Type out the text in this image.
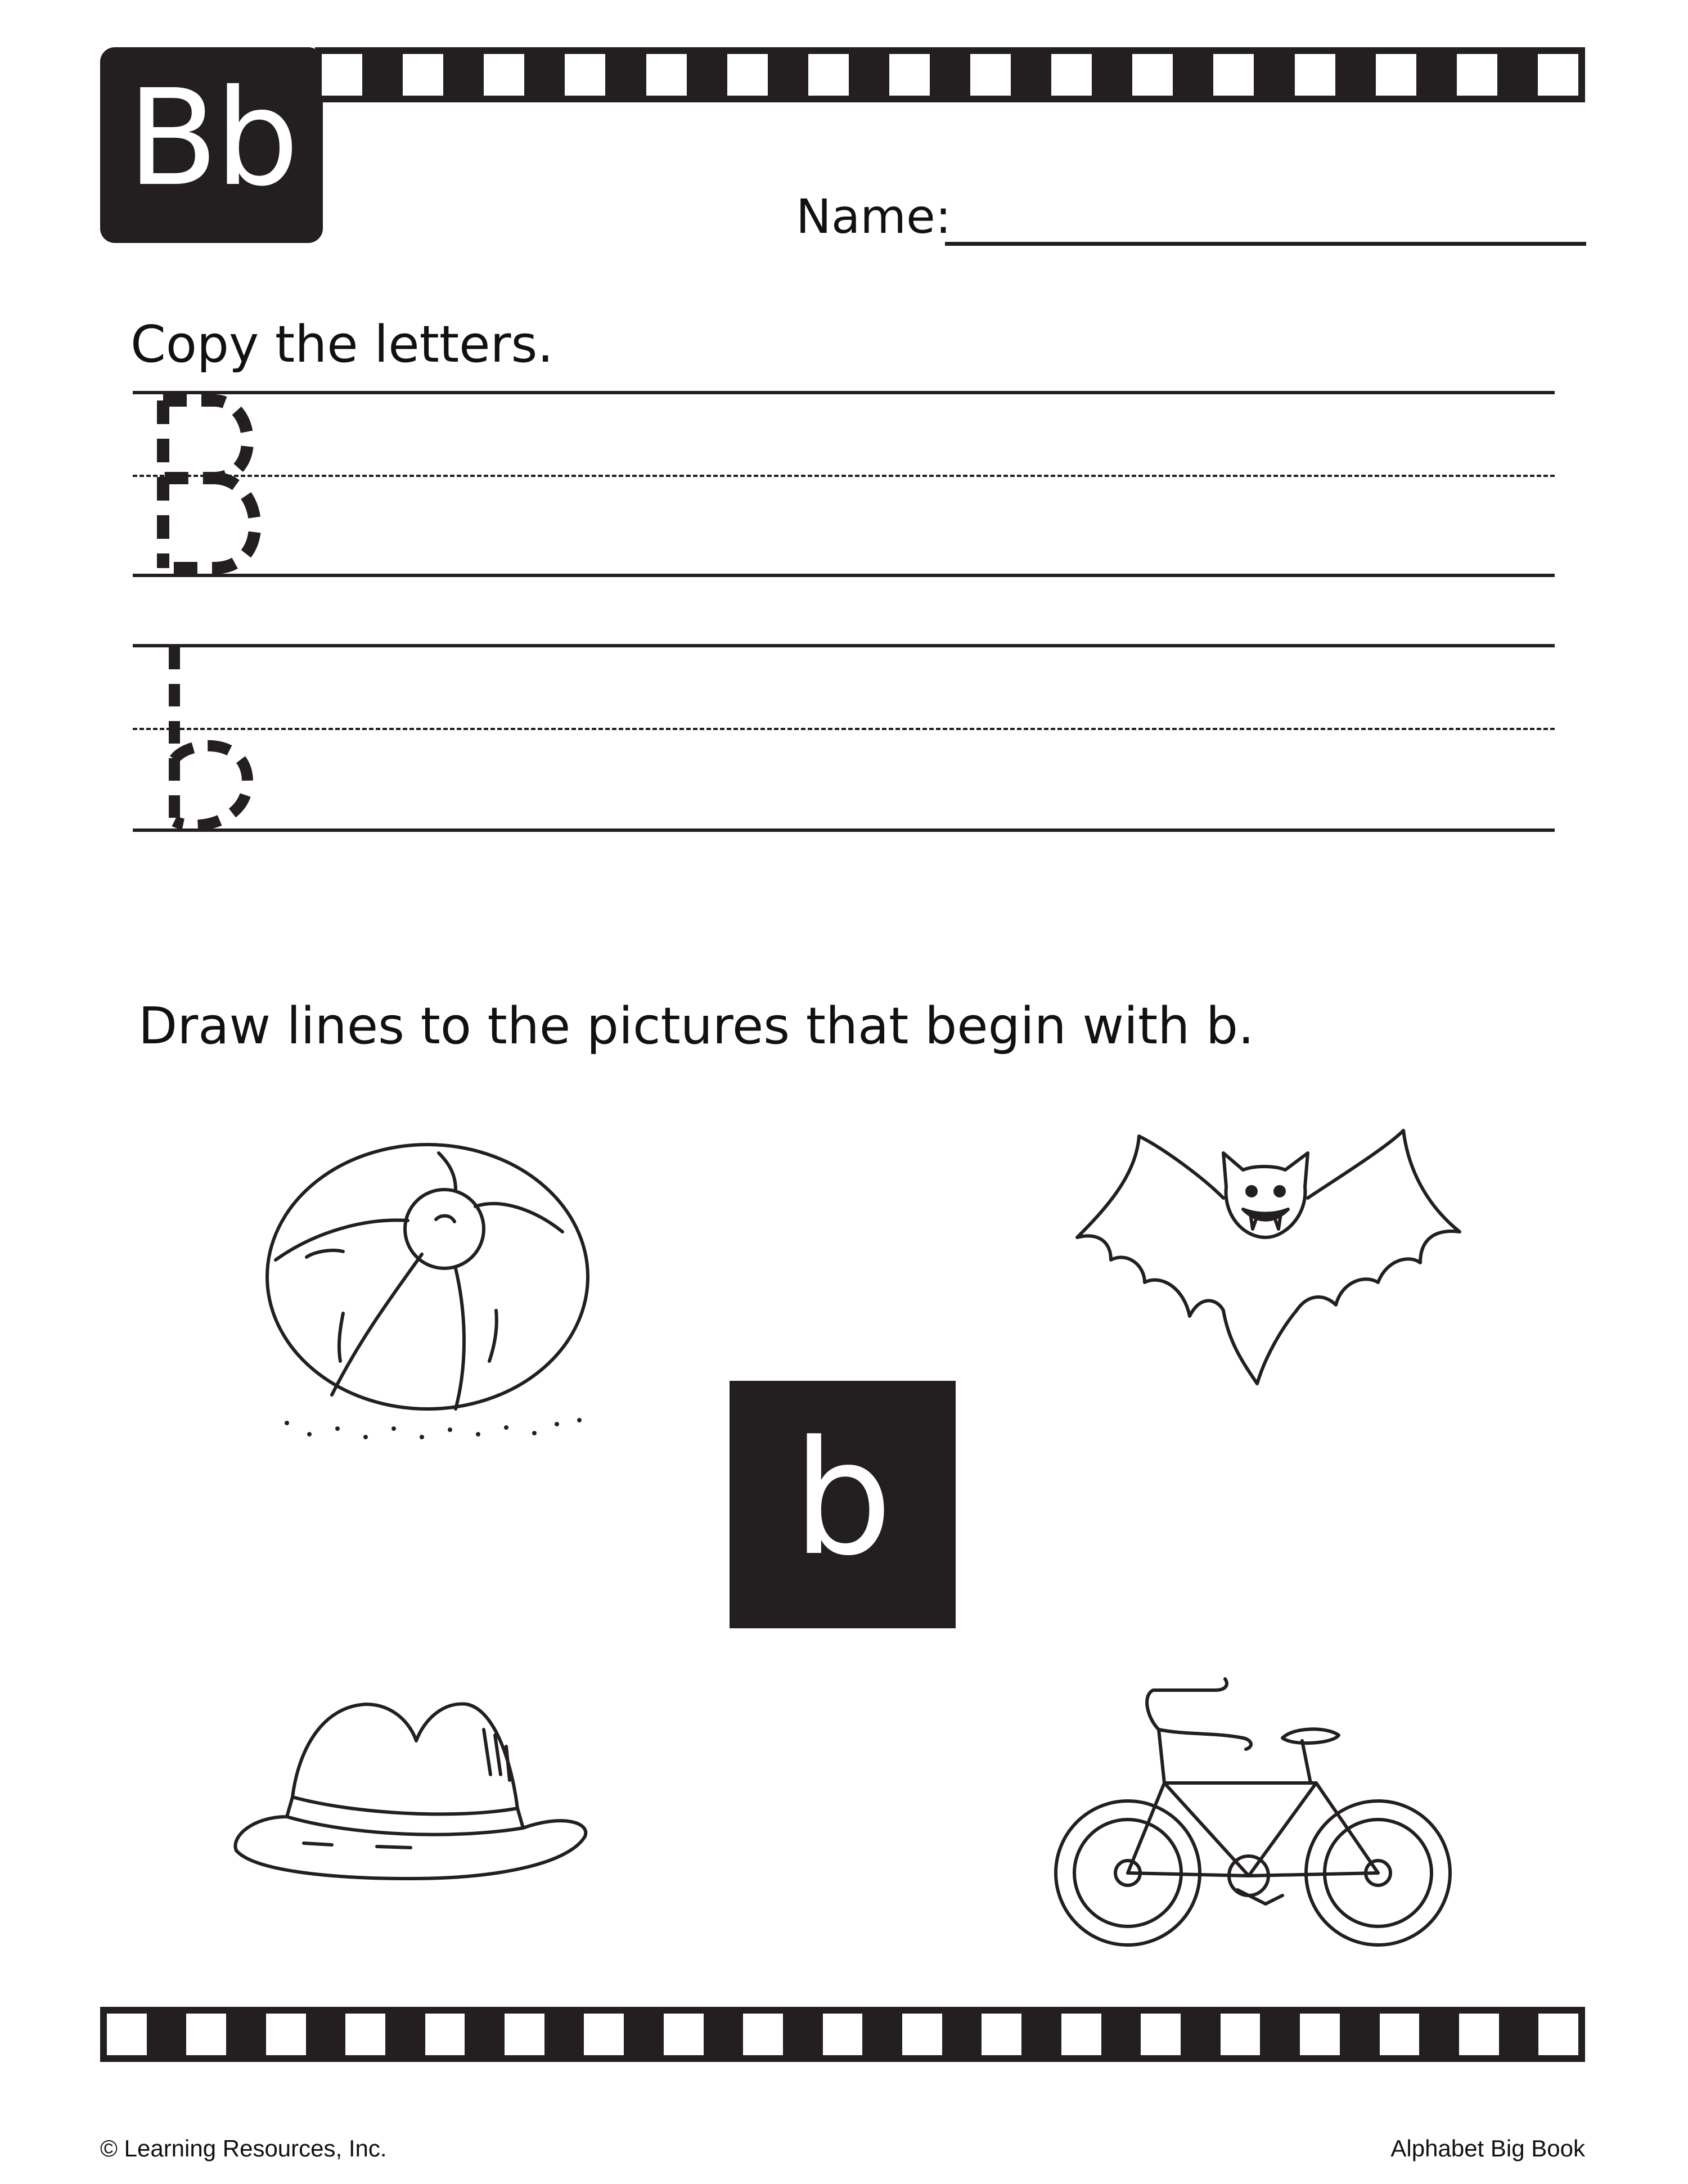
Bb
Name:
Copy the letters.
Draw lines to the pictures that begin with b.
b
© Learning Resources, Inc.	Alphabet Big Book
